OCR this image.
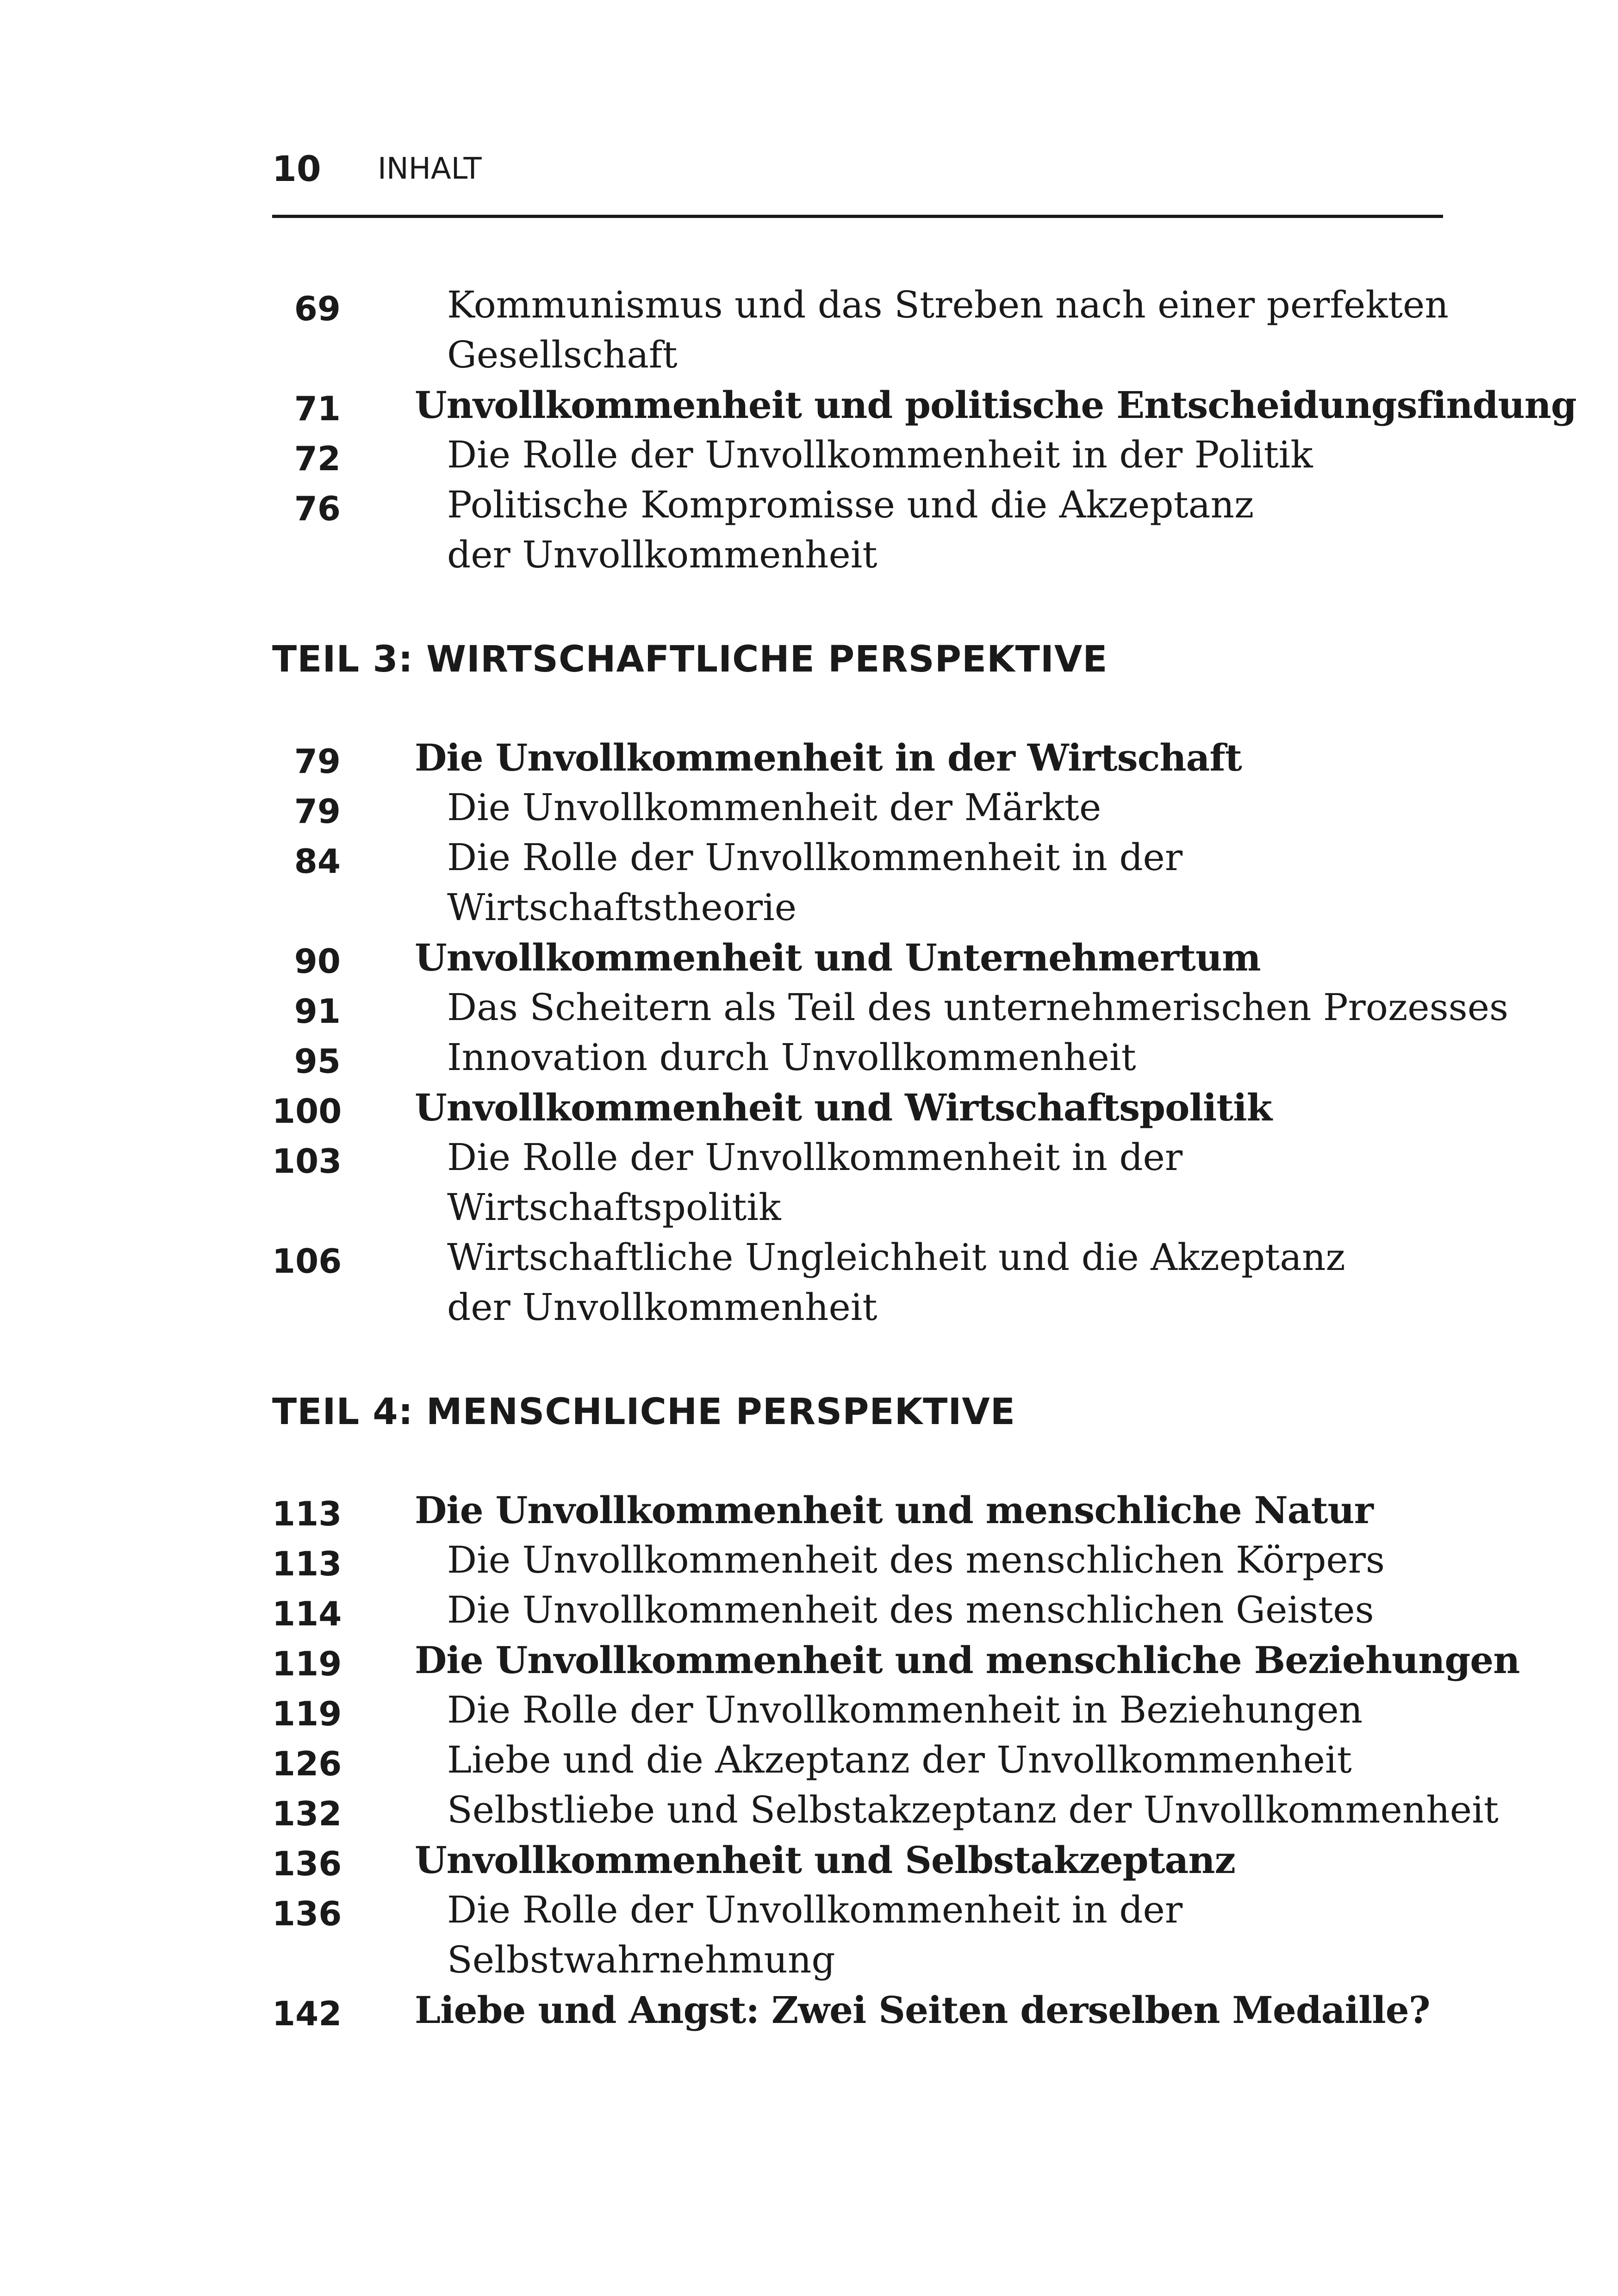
10 INHALT
69	Kommunismus und das Streben nach einer perfekten
Gesellschaft
71 Unvollkommenheit und politische Entscheidungsfindung
72	Die Rolle der Unvollkommenheit in der Politik
76	Politische Kompromisse und die Akzeptanz
der Unvollkommenheit
TEIL 3: WIRTSCHAFTLICHE PERSPEKTIVE
79 Die Unvollkommenheit in der Wirtschaft
79	Die Unvollkommenheit der Märkte
84	Die Rolle der Unvollkommenheit in der
Wirtschaftstheorie
90 Unvollkommenheit und Unternehmertum
91	Das Scheitern als Teil des unternehmerischen Prozesses
95	Innovation durch Unvollkommenheit
100 Unvollkommenheit und Wirtschaftspolitik
103	Die Rolle der Unvollkommenheit in der
Wirtschaftspolitik
106	Wirtschaftliche Ungleichheit und die Akzeptanz
der Unvollkommenheit
TEIL 4: MENSCHLICHE PERSPEKTIVE
113 Die Unvollkommenheit und menschliche Natur
113	Die Unvollkommenheit des menschlichen Körpers
114	Die Unvollkommenheit des menschlichen Geistes
119 Die Unvollkommenheit und menschliche Beziehungen
119	Die Rolle der Unvollkommenheit in Beziehungen
126	Liebe und die Akzeptanz der Unvollkommenheit
132	Selbstliebe und Selbstakzeptanz der Unvollkommenheit
136 Unvollkommenheit und Selbstakzeptanz
136	Die Rolle der Unvollkommenheit in der
Selbstwahrnehmung
142 Liebe und Angst: Zwei Seiten derselben Medaille?
